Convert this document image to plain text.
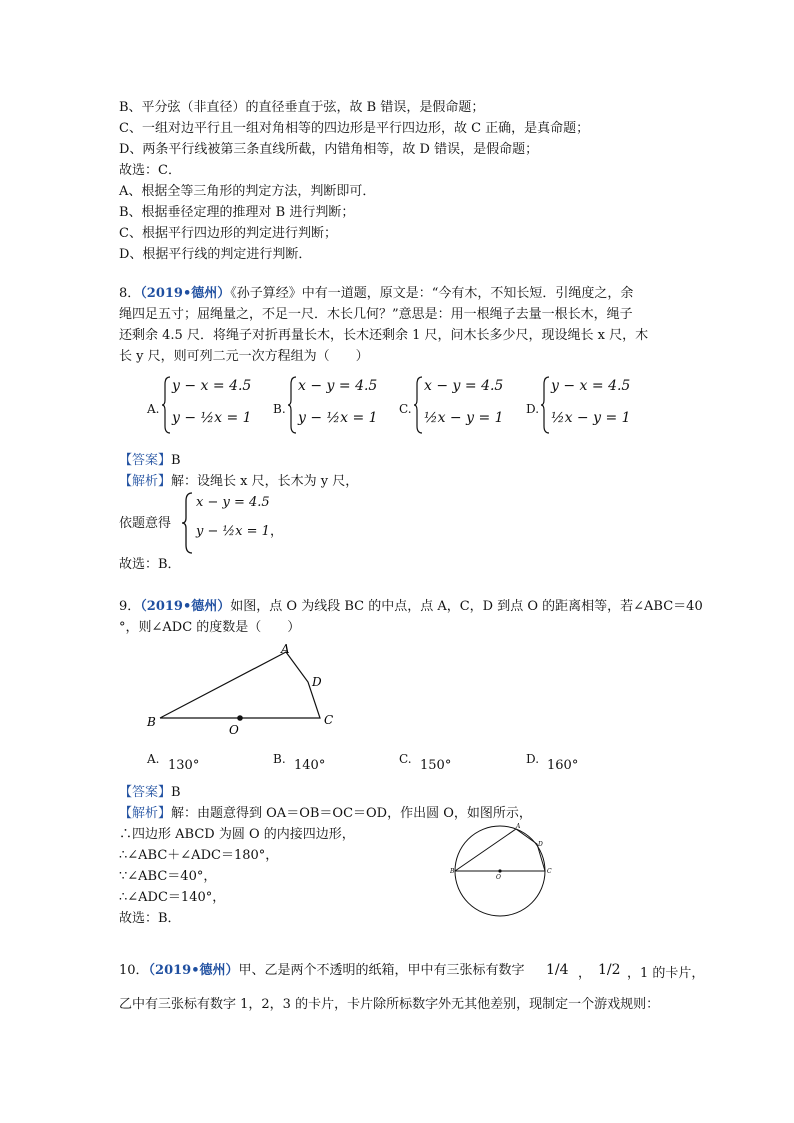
B、平分弦（非直径）的直径垂直于弦，故 B 错误，是假命题；
C、一组对边平行且一组对角相等的四边形是平行四边形，故 C 正确，是真命题；
D、两条平行线被第三条直线所截，内错角相等，故 D 错误，是假命题；
故选：C．
A、根据全等三角形的判定方法，判断即可．
B、根据垂径定理的推理对 B 进行判断；
C、根据平行四边形的判定进行判断；
D、根据平行线的判定进行判断．
8．（2019•德州）《孙子算经》中有一道题，原文是：“今有木，不知长短．引绳度之，余
绳四足五寸；屈绳量之，不足一尺．木长几何？”意思是：用一根绳子去量一根长木，绳子
还剩余 4.5 尺．将绳子对折再量长木，长木还剩余 1 尺，问木长多少尺，现设绳长 x 尺，木
长 y 尺，则可列二元一次方程组为（　　）
A.
y − x = 4.5
y − ½x = 1
B.
x − y = 4.5
y − ½x = 1
C.
x − y = 4.5
½x − y = 1
D.
y − x = 4.5
½x − y = 1
【答案】B
【解析】解：设绳长 x 尺，长木为 y 尺，
依题意得
x − y = 4.5
y − ½x = 1 ，
故选：B．
9．（2019•德州）如图，点 O 为线段 BC 的中点，点 A，C，D 到点 O 的距离相等，若∠ABC＝40
°，则∠ADC 的度数是（　　）
A
B	C
D
O
A. 130°	B. 140°	C. 150°	D. 160°
【答案】B
【解析】解：由题意得到 OA＝OB＝OC＝OD，作出圆 O，如图所示，
∴四边形 ABCD 为圆 O 的内接四边形，
∴∠ABC＋∠ADC＝180°，
∵∠ABC＝40°，
∴∠ADC＝140°，
故选：B．
A
B	C
D
O
10．（2019•德州）甲、乙是两个不透明的纸箱，甲中有三张标有数字 1/4 ， 1/2 ，1 的卡片，
乙中有三张标有数字 1，2，3 的卡片，卡片除所标数字外无其他差别，现制定一个游戏规则：
